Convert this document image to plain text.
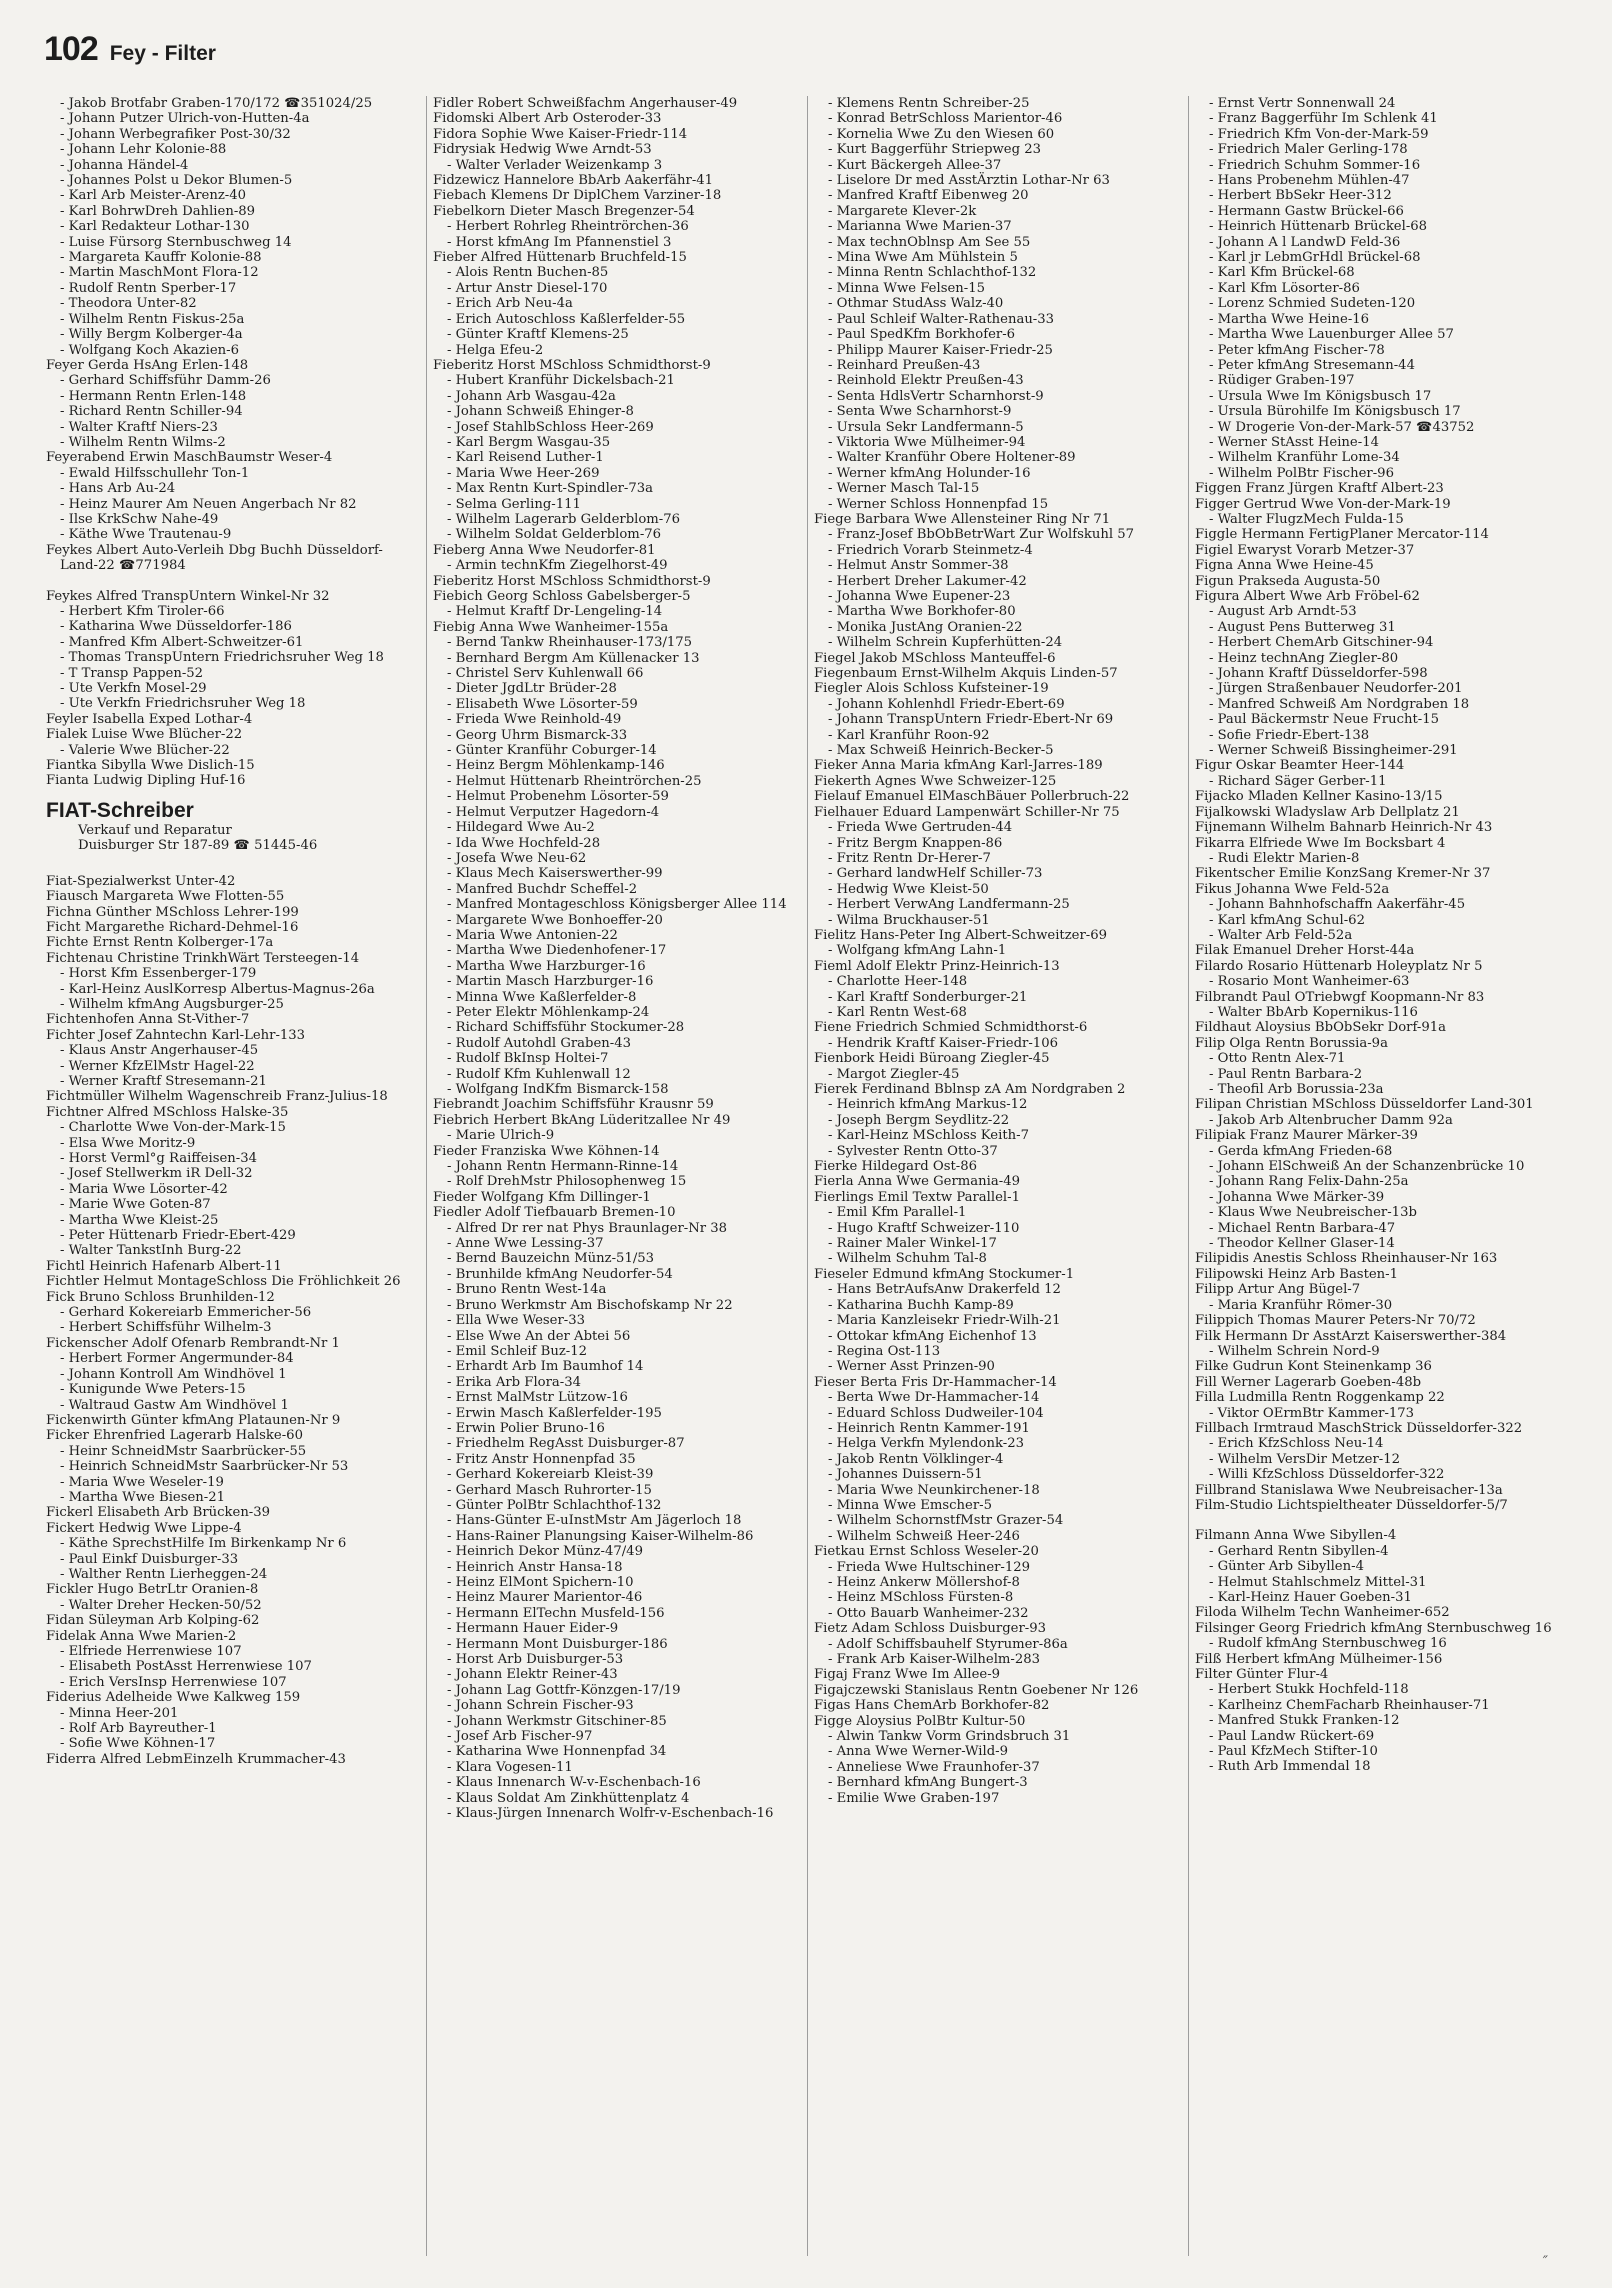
102 Fey - Filter

- Jakob Brotfabr Graben-170/172 ☎351024/25

- Johann Putzer Ulrich-von-Hutten-4a

- Johann Werbegrafiker Post-30/32

- Johann Lehr Kolonie-88

- Johanna Händel-4

- Johannes Polst u Dekor Blumen-5

- Karl Arb Meister-Arenz-40

- Karl BohrwDreh Dahlien-89

- Karl Redakteur Lothar-130

- Luise Fürsorg Sternbuschweg 14

- Margareta Kauffr Kolonie-88

- Martin MaschMont Flora-12

- Rudolf Rentn Sperber-17

- Theodora Unter-82

- Wilhelm Rentn Fiskus-25a

- Willy Bergm Kolberger-4a

- Wolfgang Koch Akazien-6

Feyer Gerda HsAng Erlen-148

- Gerhard Schiffsführ Damm-26

- Hermann Rentn Erlen-148

- Richard Rentn Schiller-94

- Walter Kraftf Niers-23

- Wilhelm Rentn Wilms-2

Feyerabend Erwin MaschBaumstr Weser-4

- Ewald Hilfsschullehr Ton-1

- Hans Arb Au-24

- Heinz Maurer Am Neuen Angerbach Nr 82

- Ilse KrkSchw Nahe-49

- Käthe Wwe Trautenau-9

Feykes Albert Auto-Verleih Dbg Buchh Düsseldorf-Land-22 ☎771984

Feykes Alfred TranspUntern Winkel-Nr 32

- Herbert Kfm Tiroler-66

- Katharina Wwe Düsseldorfer-186

- Manfred Kfm Albert-Schweitzer-61

- Thomas TranspUntern Friedrichsruher Weg 18

- T Transp Pappen-52

- Ute Verkfn Mosel-29

- Ute Verkfn Friedrichsruher Weg 18

Feyler Isabella Exped Lothar-4

Fialek Luise Wwe Blücher-22

- Valerie Wwe Blücher-22

Fiantka Sibylla Wwe Dislich-15

Fianta Ludwig Dipling Huf-16

FIAT-Schreiber
Verkauf und Reparatur
Duisburger Str 187-89 ☎ 51445-46

Fiat-Spezialwerkst Unter-42

Fiausch Margareta Wwe Flotten-55

Fichna Günther MSchloss Lehrer-199

Ficht Margarethe Richard-Dehmel-16

Fichte Ernst Rentn Kolberger-17a

Fichtenau Christine TrinkhWärt Tersteegen-14

- Horst Kfm Essenberger-179

- Karl-Heinz AuslKorresp Albertus-Magnus-26a

- Wilhelm kfmAng Augsburger-25

Fichtenhofen Anna St-Vither-7

Fichter Josef Zahntechn Karl-Lehr-133

- Klaus Anstr Angerhauser-45

- Werner KfzElMstr Hagel-22

- Werner Kraftf Stresemann-21

Fichtmüller Wilhelm Wagenschreib Franz-Julius-18

Fichtner Alfred MSchloss Halske-35

- Charlotte Wwe Von-der-Mark-15

- Elsa Wwe Moritz-9

- Horst Verml°g Raiffeisen-34

- Josef Stellwerkm iR Dell-32

- Maria Wwe Lösorter-42

- Marie Wwe Goten-87

- Martha Wwe Kleist-25

- Peter Hüttenarb Friedr-Ebert-429

- Walter TankstInh Burg-22

Fichtl Heinrich Hafenarb Albert-11

Fichtler Helmut MontageSchloss Die Fröhlichkeit 26

Fick Bruno Schloss Brunhilden-12

- Gerhard Kokereiarb Emmericher-56

- Herbert Schiffsführ Wilhelm-3

Fickenscher Adolf Ofenarb Rembrandt-Nr 1

- Herbert Former Angermunder-84

- Johann Kontroll Am Windhövel 1

- Kunigunde Wwe Peters-15

- Waltraud Gastw Am Windhövel 1

Fickenwirth Günter kfmAng Plataunen-Nr 9

Ficker Ehrenfried Lagerarb Halske-60

- Heinr SchneidMstr Saarbrücker-55

- Heinrich SchneidMstr Saarbrücker-Nr 53

- Maria Wwe Weseler-19

- Martha Wwe Biesen-21

Fickerl Elisabeth Arb Brücken-39

Fickert Hedwig Wwe Lippe-4

- Käthe SprechstHilfe Im Birkenkamp Nr 6

- Paul Einkf Duisburger-33

- Walther Rentn Lierheggen-24

Fickler Hugo BetrLtr Oranien-8

- Walter Dreher Hecken-50/52

Fidan Süleyman Arb Kolping-62

Fidelak Anna Wwe Marien-2

- Elfriede Herrenwiese 107

- Elisabeth PostAsst Herrenwiese 107

- Erich VersInsp Herrenwiese 107

Fiderius Adelheide Wwe Kalkweg 159

- Minna Heer-201

- Rolf Arb Bayreuther-1

- Sofie Wwe Köhnen-17

Fiderra Alfred LebmEinzelh Krummacher-43

Fidler Robert Schweißfachm Angerhauser-49

Fidomski Albert Arb Osteroder-33

Fidora Sophie Wwe Kaiser-Friedr-114

Fidrysiak Hedwig Wwe Arndt-53

- Walter Verlader Weizenkamp 3

Fidzewicz Hannelore BbArb Aakerfähr-41

Fiebach Klemens Dr DiplChem Varziner-18

Fiebelkorn Dieter Masch Bregenzer-54

- Herbert Rohrleg Rheintrörchen-36

- Horst kfmAng Im Pfannenstiel 3

Fieber Alfred Hüttenarb Bruchfeld-15

- Alois Rentn Buchen-85

- Artur Anstr Diesel-170

- Erich Arb Neu-4a

- Erich Autoschloss Kaßlerfelder-55

- Günter Kraftf Klemens-25

- Helga Efeu-2

Fieberitz Horst MSchloss Schmidthorst-9

- Hubert Kranführ Dickelsbach-21

- Johann Arb Wasgau-42a

- Johann Schweiß Ehinger-8

- Josef StahlbSchloss Heer-269

- Karl Bergm Wasgau-35

- Karl Reisend Luther-1

- Maria Wwe Heer-269

- Max Rentn Kurt-Spindler-73a

- Selma Gerling-111

- Wilhelm Lagerarb Gelderblom-76

- Wilhelm Soldat Gelderblom-76

Fieberg Anna Wwe Neudorfer-81

- Armin technKfm Ziegelhorst-49

Fieberitz Horst MSchloss Schmidthorst-9

Fiebich Georg Schloss Gabelsberger-5

- Helmut Kraftf Dr-Lengeling-14

Fiebig Anna Wwe Wanheimer-155a

- Bernd Tankw Rheinhauser-173/175

- Bernhard Bergm Am Küllenacker 13

- Christel Serv Kuhlenwall 66

- Dieter JgdLtr Brüder-28

- Elisabeth Wwe Lösorter-59

- Frieda Wwe Reinhold-49

- Georg Uhrm Bismarck-33

- Günter Kranführ Coburger-14

- Heinz Bergm Möhlenkamp-146

- Helmut Hüttenarb Rheintrörchen-25

- Helmut Probenehm Lösorter-59

- Helmut Verputzer Hagedorn-4

- Hildegard Wwe Au-2

- Ida Wwe Hochfeld-28

- Josefa Wwe Neu-62

- Klaus Mech Kaiserswerther-99

- Manfred Buchdr Scheffel-2

- Manfred Montageschloss Königsberger Allee 114

- Margarete Wwe Bonhoeffer-20

- Maria Wwe Antonien-22

- Martha Wwe Diedenhofener-17

- Martha Wwe Harzburger-16

- Martin Masch Harzburger-16

- Minna Wwe Kaßlerfelder-8

- Peter Elektr Möhlenkamp-24

- Richard Schiffsführ Stockumer-28

- Rudolf Autohdl Graben-43

- Rudolf BkInsp Holtei-7

- Rudolf Kfm Kuhlenwall 12

- Wolfgang IndKfm Bismarck-158

Fiebrandt Joachim Schiffsführ Krausnr 59

Fiebrich Herbert BkAng Lüderitzallee Nr 49

- Marie Ulrich-9

Fieder Franziska Wwe Köhnen-14

- Johann Rentn Hermann-Rinne-14

- Rolf DrehMstr Philosophenweg 15

Fieder Wolfgang Kfm Dillinger-1

Fiedler Adolf Tiefbauarb Bremen-10

- Alfred Dr rer nat Phys Braunlager-Nr 38

- Anne Wwe Lessing-37

- Bernd Bauzeichn Münz-51/53

- Brunhilde kfmAng Neudorfer-54

- Bruno Rentn West-14a

- Bruno Werkmstr Am Bischofskamp Nr 22

- Ella Wwe Weser-33

- Else Wwe An der Abtei 56

- Emil Schleif Buz-12

- Erhardt Arb Im Baumhof 14

- Erika Arb Flora-34

- Ernst MalMstr Lützow-16

- Erwin Masch Kaßlerfelder-195

- Erwin Polier Bruno-16

- Friedhelm RegAsst Duisburger-87

- Fritz Anstr Honnenpfad 35

- Gerhard Kokereiarb Kleist-39

- Gerhard Masch Ruhrorter-15

- Günter PolBtr Schlachthof-132

- Hans-Günter E-uInstMstr Am Jägerloch 18

- Hans-Rainer Planungsing Kaiser-Wilhelm-86

- Heinrich Dekor Münz-47/49

- Heinrich Anstr Hansa-18

- Heinz ElMont Spichern-10

- Heinz Maurer Marientor-46

- Hermann ElTechn Musfeld-156

- Hermann Hauer Eider-9

- Hermann Mont Duisburger-186

- Horst Arb Duisburger-53

- Johann Elektr Reiner-43

- Johann Lag Gottfr-Könzgen-17/19

- Johann Schrein Fischer-93

- Johann Werkmstr Gitschiner-85

- Josef Arb Fischer-97

- Katharina Wwe Honnenpfad 34

- Klara Vogesen-11

- Klaus Innenarch W-v-Eschenbach-16

- Klaus Soldat Am Zinkhüttenplatz 4

- Klaus-Jürgen Innenarch Wolfr-v-Eschenbach-16

- Klemens Rentn Schreiber-25

- Konrad BetrSchloss Marientor-46

- Kornelia Wwe Zu den Wiesen 60

- Kurt Baggerführ Striepweg 23

- Kurt Bäckergeh Allee-37

- Liselore Dr med AsstÄrztin Lothar-Nr 63

- Manfred Kraftf Eibenweg 20

- Margarete Klever-2k

- Marianna Wwe Marien-37

- Max technOblnsp Am See 55

- Mina Wwe Am Mühlstein 5

- Minna Rentn Schlachthof-132

- Minna Wwe Felsen-15

- Othmar StudAss Walz-40

- Paul Schleif Walter-Rathenau-33

- Paul SpedKfm Borkhofer-6

- Philipp Maurer Kaiser-Friedr-25

- Reinhard Preußen-43

- Reinhold Elektr Preußen-43

- Senta HdlsVertr Scharnhorst-9

- Senta Wwe Scharnhorst-9

- Ursula Sekr Landfermann-5

- Viktoria Wwe Mülheimer-94

- Walter Kranführ Obere Holtener-89

- Werner kfmAng Holunder-16

- Werner Masch Tal-15

- Werner Schloss Honnenpfad 15

Fiege Barbara Wwe Allensteiner Ring Nr 71

- Franz-Josef BbObBetrWart Zur Wolfskuhl 57

- Friedrich Vorarb Steinmetz-4

- Helmut Anstr Sommer-38

- Herbert Dreher Lakumer-42

- Johanna Wwe Eupener-23

- Martha Wwe Borkhofer-80

- Monika JustAng Oranien-22

- Wilhelm Schrein Kupferhütten-24

Fiegel Jakob MSchloss Manteuffel-6

Fiegenbaum Ernst-Wilhelm Akquis Linden-57

Fiegler Alois Schloss Kufsteiner-19

- Johann Kohlenhdl Friedr-Ebert-69

- Johann TranspUntern Friedr-Ebert-Nr 69

- Karl Kranführ Roon-92

- Max Schweiß Heinrich-Becker-5

Fieker Anna Maria kfmAng Karl-Jarres-189

Fiekerth Agnes Wwe Schweizer-125

Fielauf Emanuel ElMaschBäuer Pollerbruch-22

Fielhauer Eduard Lampenwärt Schiller-Nr 75

- Frieda Wwe Gertruden-44

- Fritz Bergm Knappen-86

- Fritz Rentn Dr-Herer-7

- Gerhard landwHelf Schiller-73

- Hedwig Wwe Kleist-50

- Herbert VerwAng Landfermann-25

- Wilma Bruckhauser-51

Fielitz Hans-Peter Ing Albert-Schweitzer-69

- Wolfgang kfmAng Lahn-1

Fieml Adolf Elektr Prinz-Heinrich-13

- Charlotte Heer-148

- Karl Kraftf Sonderburger-21

- Karl Rentn West-68

Fiene Friedrich Schmied Schmidthorst-6

- Hendrik Kraftf Kaiser-Friedr-106

Fienbork Heidi Büroang Ziegler-45

- Margot Ziegler-45

Fierek Ferdinand Bblnsp zA Am Nordgraben 2

- Heinrich kfmAng Markus-12

- Joseph Bergm Seydlitz-22

- Karl-Heinz MSchloss Keith-7

- Sylvester Rentn Otto-37

Fierke Hildegard Ost-86

Fierla Anna Wwe Germania-49

Fierlings Emil Textw Parallel-1

- Emil Kfm Parallel-1

- Hugo Kraftf Schweizer-110

- Rainer Maler Winkel-17

- Wilhelm Schuhm Tal-8

Fieseler Edmund kfmAng Stockumer-1

- Hans BetrAufsAnw Drakerfeld 12

- Katharina Buchh Kamp-89

- Maria Kanzleisekr Friedr-Wilh-21

- Ottokar kfmAng Eichenhof 13

- Regina Ost-113

- Werner Asst Prinzen-90

Fieser Berta Fris Dr-Hammacher-14

- Berta Wwe Dr-Hammacher-14

- Eduard Schloss Dudweiler-104

- Heinrich Rentn Kammer-191

- Helga Verkfn Mylendonk-23

- Jakob Rentn Völklinger-4

- Johannes Duissern-51

- Maria Wwe Neunkirchener-18

- Minna Wwe Emscher-5

- Wilhelm SchornstfMstr Grazer-54

- Wilhelm Schweiß Heer-246

Fietkau Ernst Schloss Weseler-20

- Frieda Wwe Hultschiner-129

- Heinz Ankerw Möllershof-8

- Heinz MSchloss Fürsten-8

- Otto Bauarb Wanheimer-232

Fietz Adam Schloss Duisburger-93

- Adolf Schiffsbauhelf Styrumer-86a

- Frank Arb Kaiser-Wilhelm-283

Figaj Franz Wwe Im Allee-9

Figajczewski Stanislaus Rentn Goebener Nr 126

Figas Hans ChemArb Borkhofer-82

Figge Aloysius PolBtr Kultur-50

- Alwin Tankw Vorm Grindsbruch 31

- Anna Wwe Werner-Wild-9

- Anneliese Wwe Fraunhofer-37

- Bernhard kfmAng Bungert-3

- Emilie Wwe Graben-197

- Ernst Vertr Sonnenwall 24

- Franz Baggerführ Im Schlenk 41

- Friedrich Kfm Von-der-Mark-59

- Friedrich Maler Gerling-178

- Friedrich Schuhm Sommer-16

- Hans Probenehm Mühlen-47

- Herbert BbSekr Heer-312

- Hermann Gastw Brückel-66

- Heinrich Hüttenarb Brückel-68

- Johann A l LandwD Feld-36

- Karl jr LebmGrHdl Brückel-68

- Karl Kfm Brückel-68

- Karl Kfm Lösorter-86

- Lorenz Schmied Sudeten-120

- Martha Wwe Heine-16

- Martha Wwe Lauenburger Allee 57

- Peter kfmAng Fischer-78

- Peter kfmAng Stresemann-44

- Rüdiger Graben-197

- Ursula Wwe Im Königsbusch 17

- Ursula Bürohilfe Im Königsbusch 17

- W Drogerie Von-der-Mark-57 ☎43752

- Werner StAsst Heine-14

- Wilhelm Kranführ Lome-34

- Wilhelm PolBtr Fischer-96

Figgen Franz Jürgen Kraftf Albert-23

Figger Gertrud Wwe Von-der-Mark-19

- Walter FlugzMech Fulda-15

Figgle Hermann FertigPlaner Mercator-114

Figiel Ewaryst Vorarb Metzer-37

Figna Anna Wwe Heine-45

Figun Prakseda Augusta-50

Figura Albert Wwe Arb Fröbel-62

- August Arb Arndt-53

- August Pens Butterweg 31

- Herbert ChemArb Gitschiner-94

- Heinz technAng Ziegler-80

- Johann Kraftf Düsseldorfer-598

- Jürgen Straßenbauer Neudorfer-201

- Manfred Schweiß Am Nordgraben 18

- Paul Bäckermstr Neue Frucht-15

- Sofie Friedr-Ebert-138

- Werner Schweiß Bissingheimer-291

Figur Oskar Beamter Heer-144

- Richard Säger Gerber-11

Fijacko Mladen Kellner Kasino-13/15

Fijalkowski Wladyslaw Arb Dellplatz 21

Fijnemann Wilhelm Bahnarb Heinrich-Nr 43

Fikarra Elfriede Wwe Im Bocksbart 4

- Rudi Elektr Marien-8

Fikentscher Emilie KonzSang Kremer-Nr 37

Fikus Johanna Wwe Feld-52a

- Johann Bahnhofschaffn Aakerfähr-45

- Karl kfmAng Schul-62

- Walter Arb Feld-52a

Filak Emanuel Dreher Horst-44a

Filardo Rosario Hüttenarb Holeyplatz Nr 5

- Rosario Mont Wanheimer-63

Filbrandt Paul OTriebwgf Koopmann-Nr 83

- Walter BbArb Kopernikus-116

Fildhaut Aloysius BbObSekr Dorf-91a

Filip Olga Rentn Borussia-9a

- Otto Rentn Alex-71

- Paul Rentn Barbara-2

- Theofil Arb Borussia-23a

Filipan Christian MSchloss Düsseldorfer Land-301

- Jakob Arb Altenbrucher Damm 92a

Filipiak Franz Maurer Märker-39

- Gerda kfmAng Frieden-68

- Johann ElSchweiß An der Schanzenbrücke 10

- Johann Rang Felix-Dahn-25a

- Johanna Wwe Märker-39

- Klaus Wwe Neubreischer-13b

- Michael Rentn Barbara-47

- Theodor Kellner Glaser-14

Filipidis Anestis Schloss Rheinhauser-Nr 163

Filipowski Heinz Arb Basten-1

Filipp Artur Ang Bügel-7

- Maria Kranführ Römer-30

Filippich Thomas Maurer Peters-Nr 70/72

Filk Hermann Dr AsstArzt Kaiserswerther-384

- Wilhelm Schrein Nord-9

Filke Gudrun Kont Steinenkamp 36

Fill Werner Lagerarb Goeben-48b

Filla Ludmilla Rentn Roggenkamp 22

- Viktor OErmBtr Kammer-173

Fillbach Irmtraud MaschStrick Düsseldorfer-322

- Erich KfzSchloss Neu-14

- Wilhelm VersDir Metzer-12

- Willi KfzSchloss Düsseldorfer-322

Fillbrand Stanislawa Wwe Neubreisacher-13a

Film-Studio Lichtspieltheater Düsseldorfer-5/7

Filmann Anna Wwe Sibyllen-4

- Gerhard Rentn Sibyllen-4

- Günter Arb Sibyllen-4

- Helmut Stahlschmelz Mittel-31

- Karl-Heinz Hauer Goeben-31

Filoda Wilhelm Techn Wanheimer-652

Filsinger Georg Friedrich kfmAng Sternbuschweg 16

- Rudolf kfmAng Sternbuschweg 16

Filß Herbert kfmAng Mülheimer-156

Filter Günter Flur-4

- Herbert Stukk Hochfeld-118

- Karlheinz ChemFacharb Rheinhauser-71

- Manfred Stukk Franken-12

- Paul Landw Rückert-69

- Paul KfzMech Stifter-10

- Ruth Arb Immendal 18

″
